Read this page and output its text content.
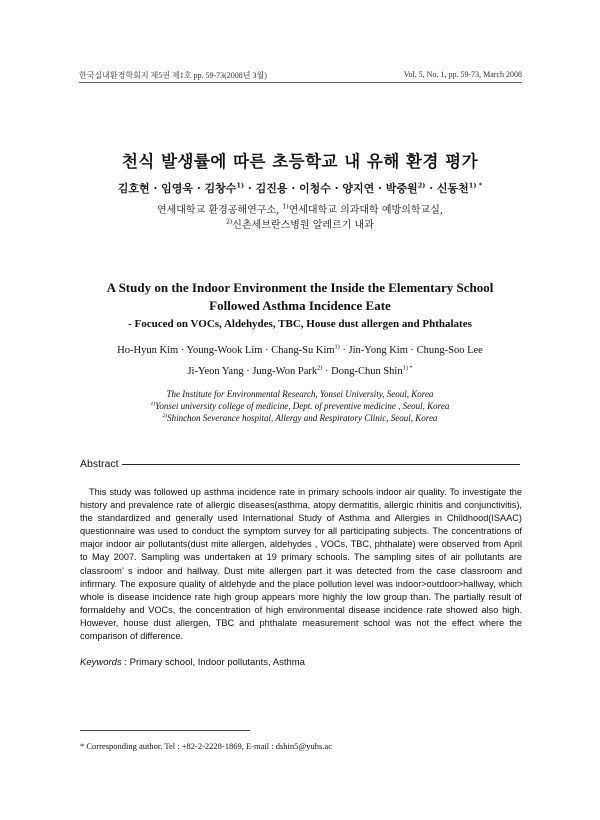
한국실내환경학회지 제5권 제1호 pp. 59-73(2008년 3월)	Vol. 5, No. 1, pp. 59-73, March 2008
천식 발생률에 따른 초등학교 내 유해 환경 평가
김호현 · 임영욱 · 김창수$^{1)}$ · 김진용 · 이청수 · 양지연 · 박중원$^{2)}$ · 신동천$^{1) *}$
연세대학교 환경공해연구소, $^{1)}$연세대학교 의과대학 예방의학교실,
$^{2)}$신촌세브란스병원 알레르기 내과
A Study on the Indoor Environment the Inside the Elementary School
Followed Asthma Incidence Eate
- Focuced on VOCs, Aldehydes, TBC, House dust allergen and Phthalates
Ho-Hyun Kim · Young-Wook Lim · Chang-Su Kim$^{1)}$ · Jin-Yong Kim · Chung-Soo Lee
Ji-Yeon Yang · Jung-Won Park$^{2)}$ · Dong-Chun Shin$^{1) *}$
The Institute for Environmental Research, Yonsei University, Seoul, Korea
$^{1)}$Yonsei university college of medicine, Dept. of preventive medicine , Seoul, Korea
$^{2)}$Shinchon Severance hospital, Allergy and Respiratory Clinic, Seoul, Korea
Abstract

This study was followed up asthma incidence rate in primary schools indoor air quality. To investigate the history and prevalence rate of allergic diseases(asthma, atopy dermatitis, allergic rhinitis and conjunctivitis), the standardized and generally used International Study of Asthma and Allergies in Childhood(ISAAC) questionnaire was used to conduct the symptom survey for all participating subjects. The concentrations of major indoor air pollutants(dust mite allergen, aldehydes , VOCs, TBC, phthalate) were observed from April to May 2007. Sampling was undertaken at 19 primary schools. The sampling sites of air pollutants are classroom’ s indoor and hallway. Dust mite allergen part it was detected from the case classroom and infirmary. The exposure quality of aldehyde and the place pollution level was indoor>outdoor>hallway, which whole is disease incidence rate high group appears more highly the low group than. The partially result of formaldehy and VOCs, the concentration of high environmental disease incidence rate showed also high. However, house dust allergen, TBC and phthalate measurement school was not the effect where the comparison of difference.

Keywords : Primary school, Indoor pollutants, Asthma
* Corresponding author. Tel : +82-2-2228-1869, E-mail : dshin5@yuhs.ac
